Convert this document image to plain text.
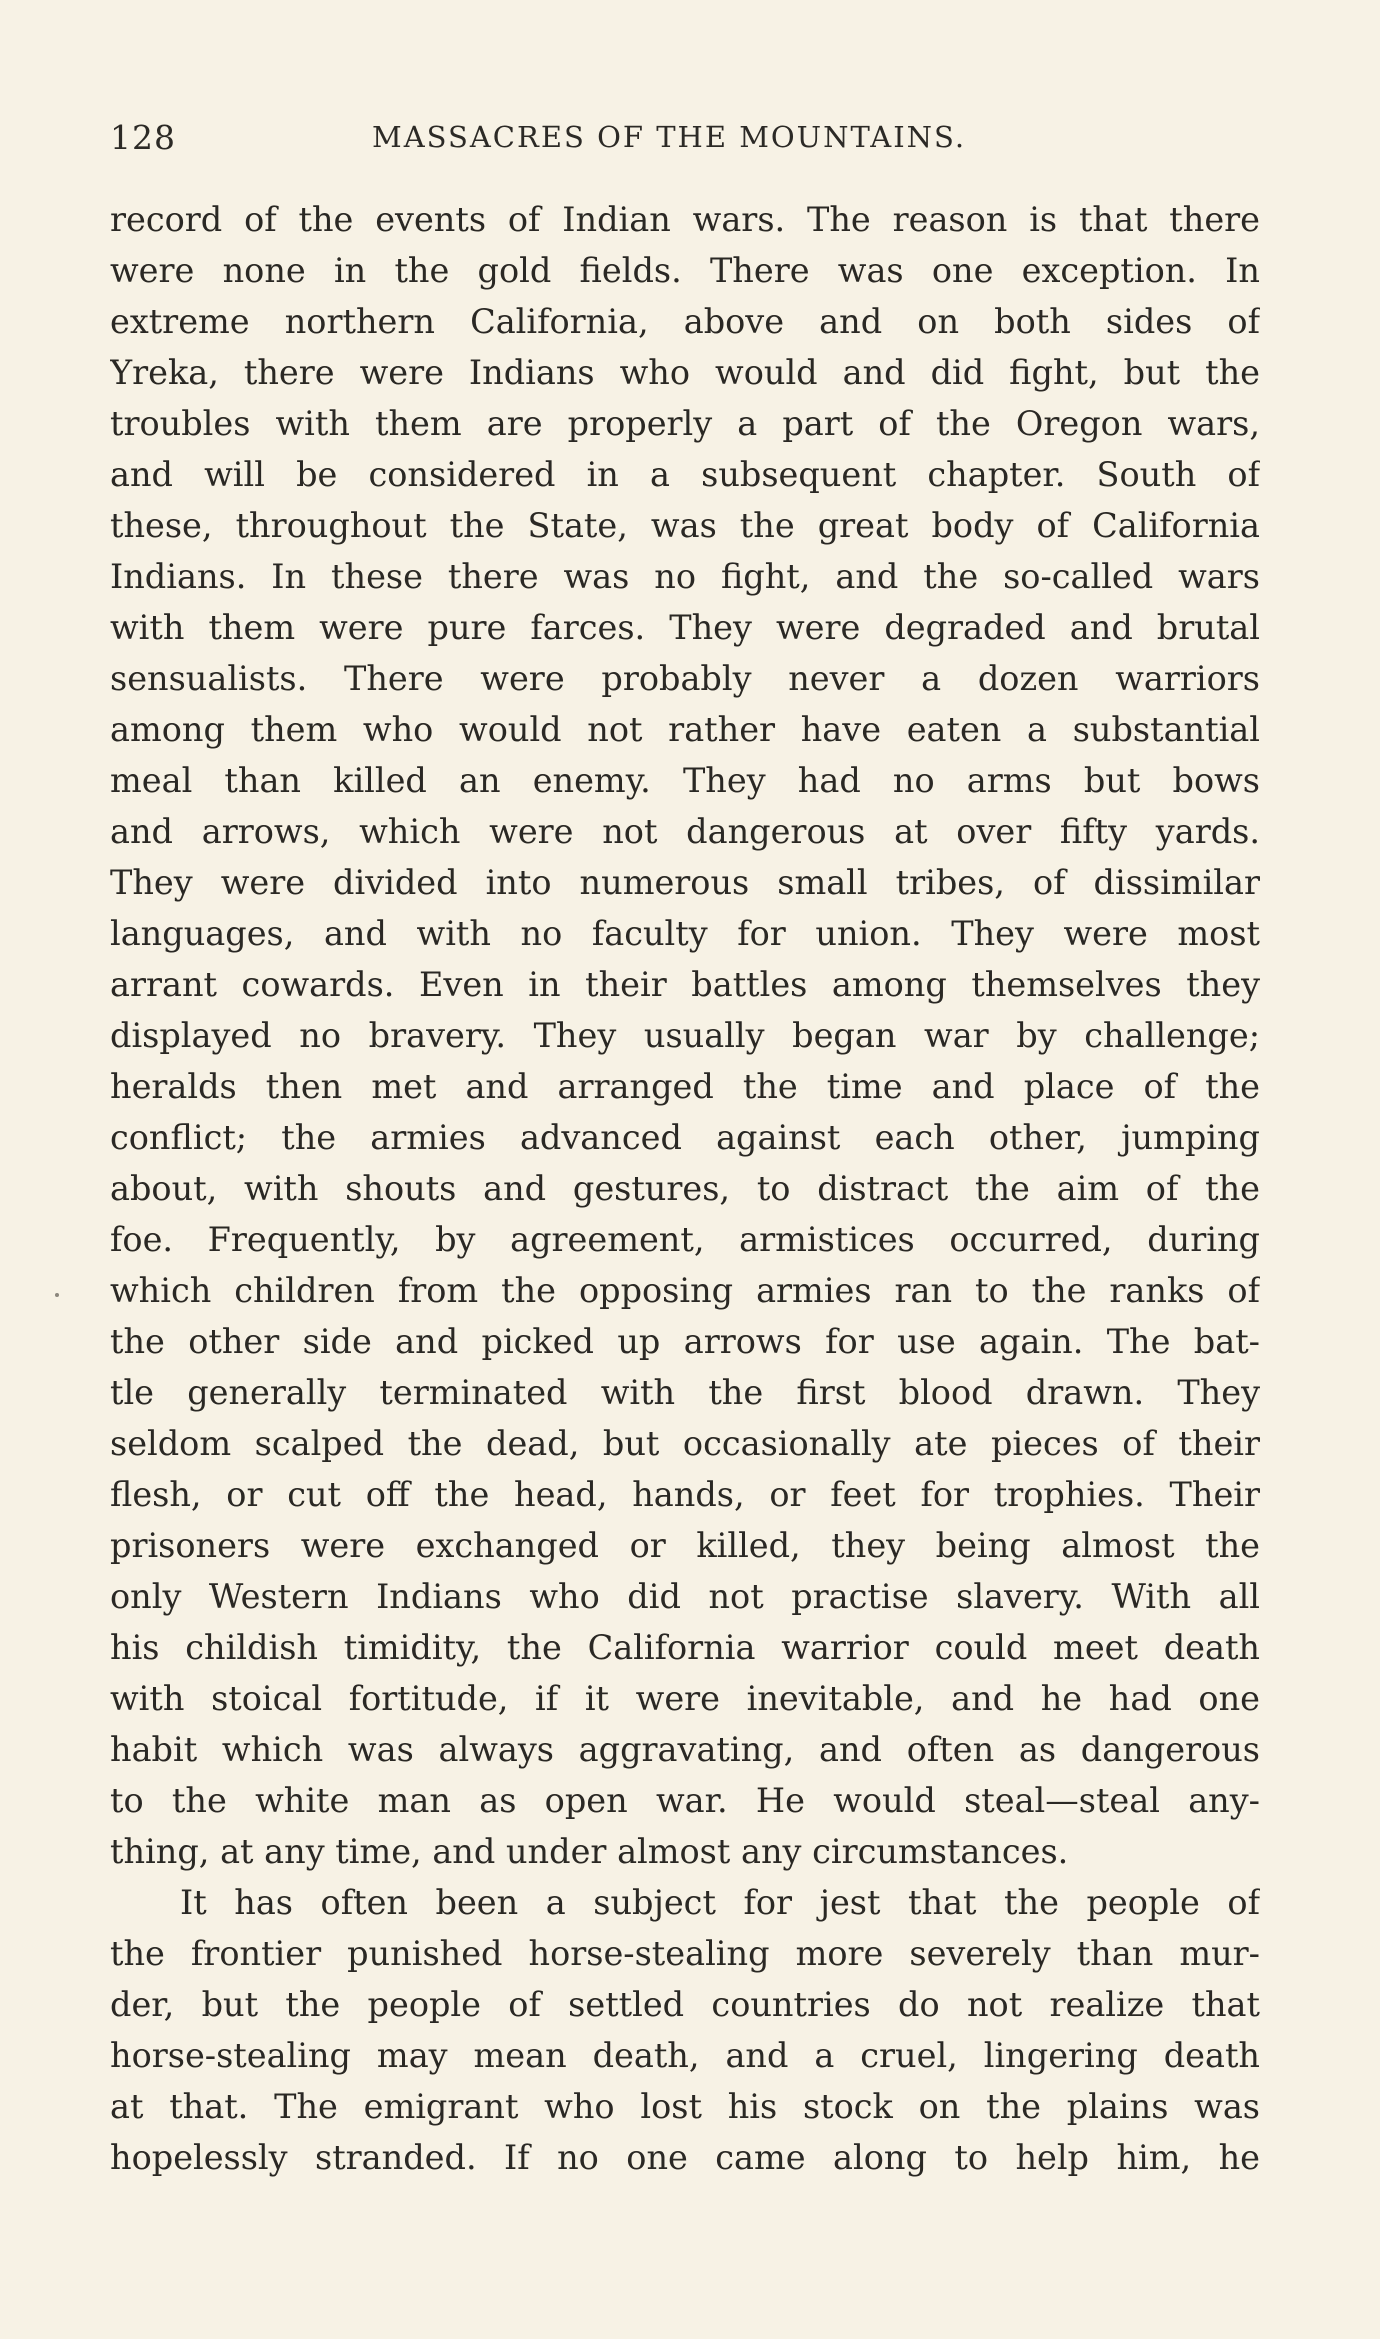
128	MASSACRES OF THE MOUNTAINS.
record of the events of Indian wars. The reason is that there
were none in the gold fields. There was one exception. In
extreme northern California, above and on both sides of
Yreka, there were Indians who would and did fight, but the
troubles with them are properly a part of the Oregon wars,
and will be considered in a subsequent chapter. South of
these, throughout the State, was the great body of California
Indians. In these there was no fight, and the so-called wars
with them were pure farces. They were degraded and brutal
sensualists. There were probably never a dozen warriors
among them who would not rather have eaten a substantial
meal than killed an enemy. They had no arms but bows
and arrows, which were not dangerous at over fifty yards.
They were divided into numerous small tribes, of dissimilar
languages, and with no faculty for union. They were most
arrant cowards. Even in their battles among themselves they
displayed no bravery. They usually began war by challenge;
heralds then met and arranged the time and place of the
conflict; the armies advanced against each other, jumping
about, with shouts and gestures, to distract the aim of the
foe. Frequently, by agreement, armistices occurred, during
which children from the opposing armies ran to the ranks of
the other side and picked up arrows for use again. The bat-
tle generally terminated with the first blood drawn. They
seldom scalped the dead, but occasionally ate pieces of their
flesh, or cut off the head, hands, or feet for trophies. Their
prisoners were exchanged or killed, they being almost the
only Western Indians who did not practise slavery. With all
his childish timidity, the California warrior could meet death
with stoical fortitude, if it were inevitable, and he had one
habit which was always aggravating, and often as dangerous
to the white man as open war. He would steal—steal any-
thing, at any time, and under almost any circumstances.
It has often been a subject for jest that the people of
the frontier punished horse-stealing more severely than mur-
der, but the people of settled countries do not realize that
horse-stealing may mean death, and a cruel, lingering death
at that. The emigrant who lost his stock on the plains was
hopelessly stranded. If no one came along to help him, he
